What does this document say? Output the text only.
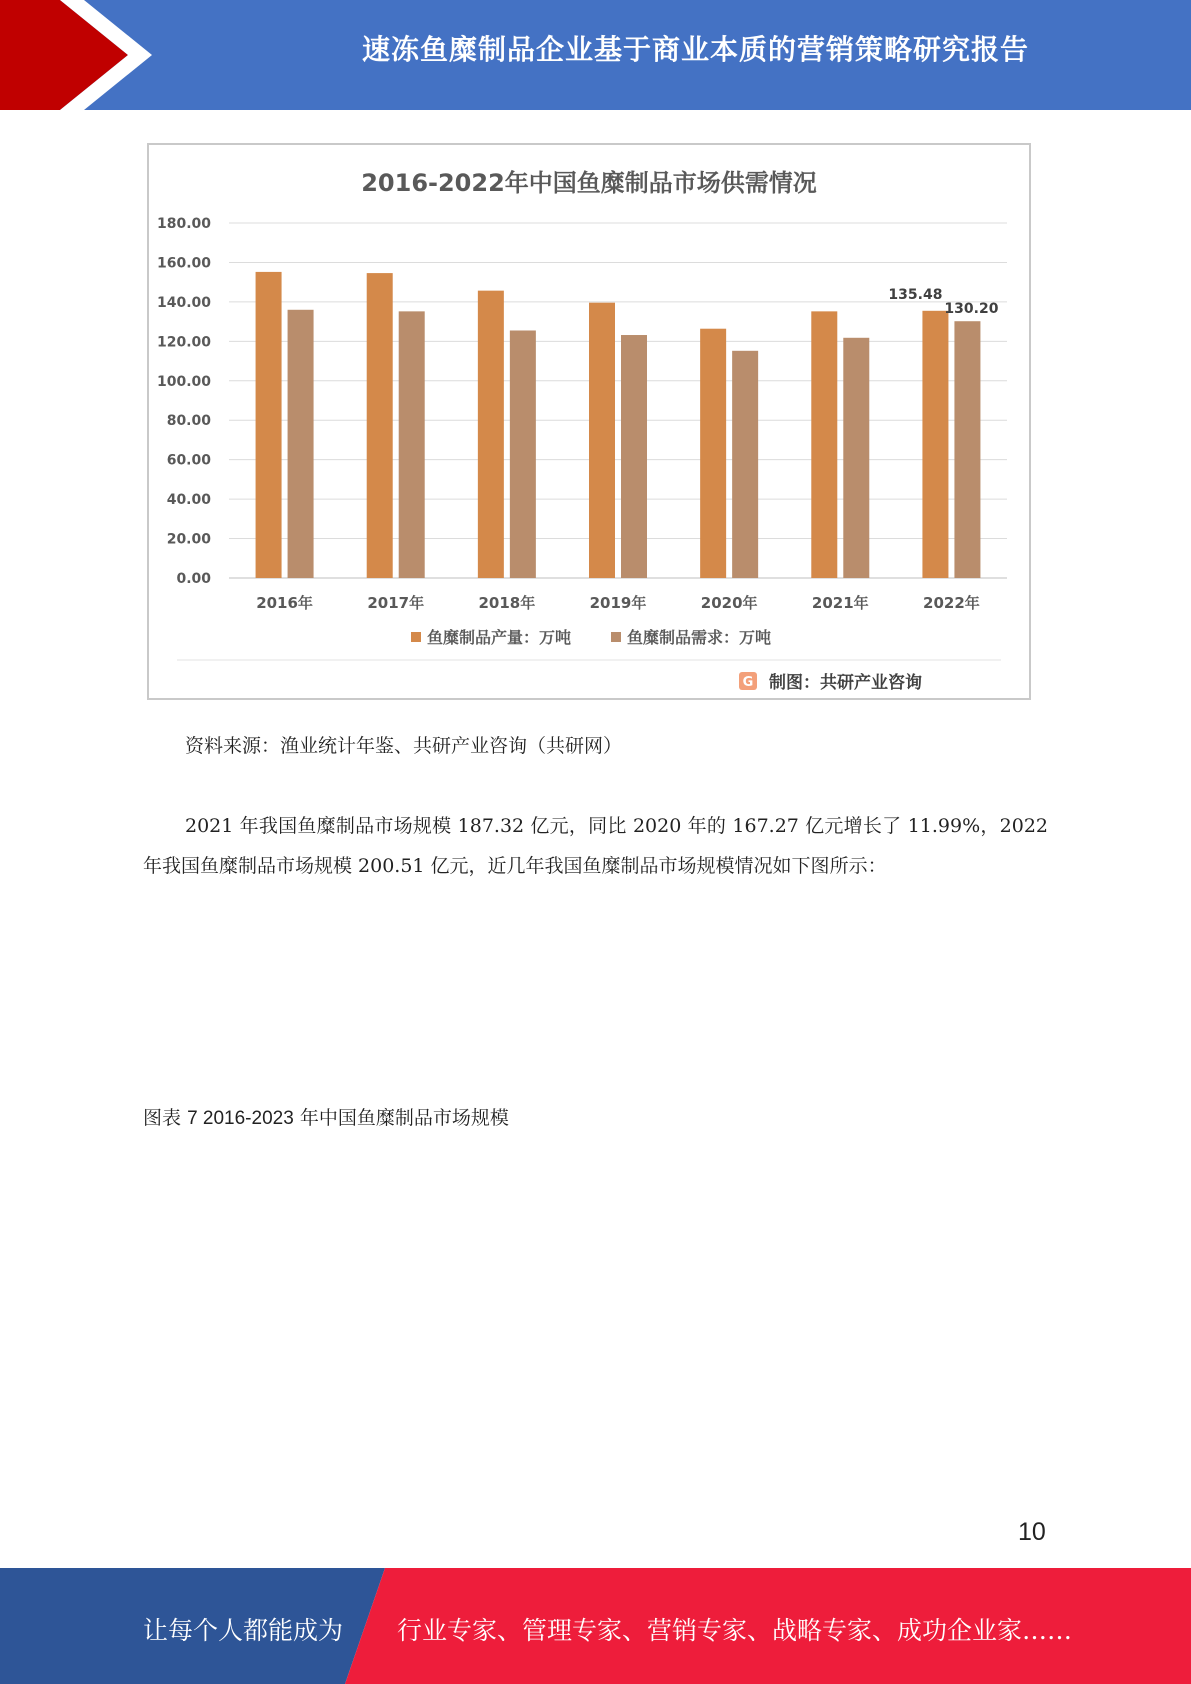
速冻鱼糜制品企业基于商业本质的营销策略研究报告
2016-2022年中国鱼糜制品市场供需情况
0.00
20.00
40.00
60.00
80.00
100.00
120.00
140.00
160.00
180.00
2016年	2017年	2018年	2019年	2020年	2021年	2022年
135.48
130.20
鱼糜制品产量：万吨	鱼糜制品需求：万吨
G 制图：共研产业咨询
资料来源：渔业统计年鉴、共研产业咨询（共研网）
2021 年我国鱼糜制品市场规模 187.32 亿元，同比 2020 年的 167.27 亿元增长了 11.99%，2022 年我国鱼糜制品市场规模 200.51 亿元，近几年我国鱼糜制品市场规模情况如下图所示：
图表 7 2016-2023 年中国鱼糜制品市场规模
10
让每个人都能成为 行业专家、管理专家、营销专家、战略专家、成功企业家……
